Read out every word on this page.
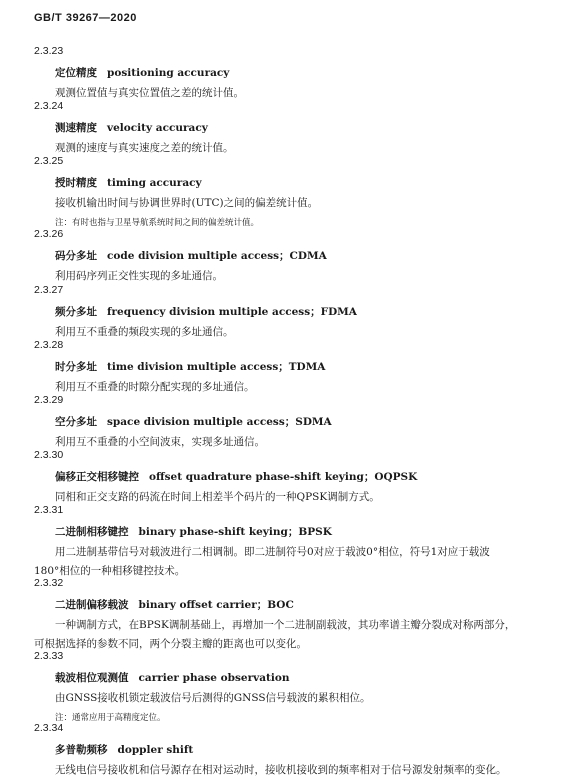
GB/T 39267—2020
2.3.23
定位精度 positioning accuracy
观测位置值与真实位置值之差的统计值。
2.3.24
测速精度 velocity accuracy
观测的速度与真实速度之差的统计值。
2.3.25
授时精度 timing accuracy
接收机输出时间与协调世界时(UTC)之间的偏差统计值。
注：有时也指与卫星导航系统时间之间的偏差统计值。
2.3.26
码分多址 code division multiple access；CDMA
利用码序列正交性实现的多址通信。
2.3.27
频分多址 frequency division multiple access；FDMA
利用互不重叠的频段实现的多址通信。
2.3.28
时分多址 time division multiple access；TDMA
利用互不重叠的时隙分配实现的多址通信。
2.3.29
空分多址 space division multiple access；SDMA
利用互不重叠的小空间波束，实现多址通信。
2.3.30
偏移正交相移键控 offset quadrature phase-shift keying；OQPSK
同相和正交支路的码流在时间上相差半个码片的一种QPSK调制方式。
2.3.31
二进制相移键控 binary phase-shift keying；BPSK
用二进制基带信号对载波进行二相调制。即二进制符号0对应于载波0°相位，符号1对应于载波
180°相位的一种相移键控技术。
2.3.32
二进制偏移载波 binary offset carrier；BOC
一种调制方式，在BPSK调制基础上，再增加一个二进制副载波，其功率谱主瓣分裂成对称两部分，
可根据选择的参数不同，两个分裂主瓣的距离也可以变化。
2.3.33
载波相位观测值 carrier phase observation
由GNSS接收机锁定载波信号后测得的GNSS信号载波的累积相位。
注：通常应用于高精度定位。
2.3.34
多普勒频移 doppler shift
无线电信号接收机和信号源存在相对运动时，接收机接收到的频率相对于信号源发射频率的变化。
